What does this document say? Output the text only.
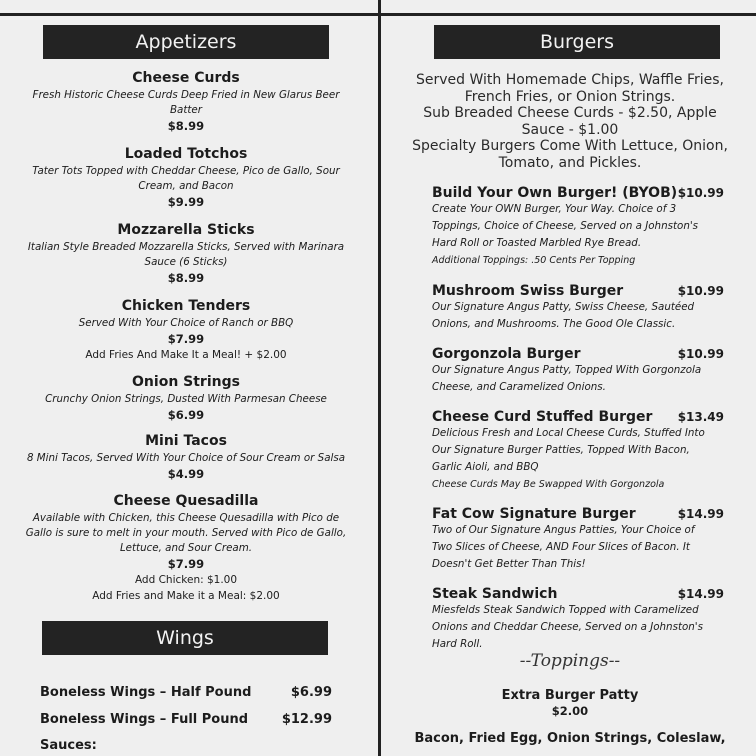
Appetizers
Cheese Curds
Fresh Historic Cheese Curds Deep Fried in New Glarus Beer
Batter
$8.99
Loaded Totchos
Tater Tots Topped with Cheddar Cheese, Pico de Gallo, Sour
Cream, and Bacon
$9.99
Mozzarella Sticks
Italian Style Breaded Mozzarella Sticks, Served with Marinara
Sauce (6 Sticks)
$8.99
Chicken Tenders
Served With Your Choice of Ranch or BBQ
$7.99
Add Fries And Make It a Meal! + $2.00
Onion Strings
Crunchy Onion Strings, Dusted With Parmesan Cheese
$6.99
Mini Tacos
8 Mini Tacos, Served With Your Choice of Sour Cream or Salsa
$4.99
Cheese Quesadilla
Available with Chicken, this Cheese Quesadilla with Pico de
Gallo is sure to melt in your mouth. Served with Pico de Gallo,
Lettuce, and Sour Cream.
$7.99
Add Chicken: $1.00
Add Fries and Make it a Meal: $2.00
Wings
Boneless Wings – Half Pound	$6.99
Boneless Wings – Full Pound	$12.99
Sauces:
Burgers
Served With Homemade Chips, Waffle Fries,
French Fries, or Onion Strings.
Sub Breaded Cheese Curds - $2.50, Apple
Sauce - $1.00
Specialty Burgers Come With Lettuce, Onion,
Tomato, and Pickles.
Build Your Own Burger! (BYOB) $10.99
Create Your OWN Burger, Your Way. Choice of 3
Toppings, Choice of Cheese, Served on a Johnston's
Hard Roll or Toasted Marbled Rye Bread.
Additional Toppings: .50 Cents Per Topping
Mushroom Swiss Burger	$10.99
Our Signature Angus Patty, Swiss Cheese, Sautéed
Onions, and Mushrooms. The Good Ole Classic.
Gorgonzola Burger	$10.99
Our Signature Angus Patty, Topped With Gorgonzola
Cheese, and Caramelized Onions.
Cheese Curd Stuffed Burger $13.49
Delicious Fresh and Local Cheese Curds, Stuffed Into
Our Signature Burger Patties, Topped With Bacon,
Garlic Aioli, and BBQ
Cheese Curds May Be Swapped With Gorgonzola
Fat Cow Signature Burger	$14.99
Two of Our Signature Angus Patties, Your Choice of
Two Slices of Cheese, AND Four Slices of Bacon. It
Doesn't Get Better Than This!
Steak Sandwich	$14.99
Miesfelds Steak Sandwich Topped with Caramelized
Onions and Cheddar Cheese, Served on a Johnston's
Hard Roll.
--Toppings--
Extra Burger Patty
$2.00
Bacon, Fried Egg, Onion Strings, Coleslaw,
